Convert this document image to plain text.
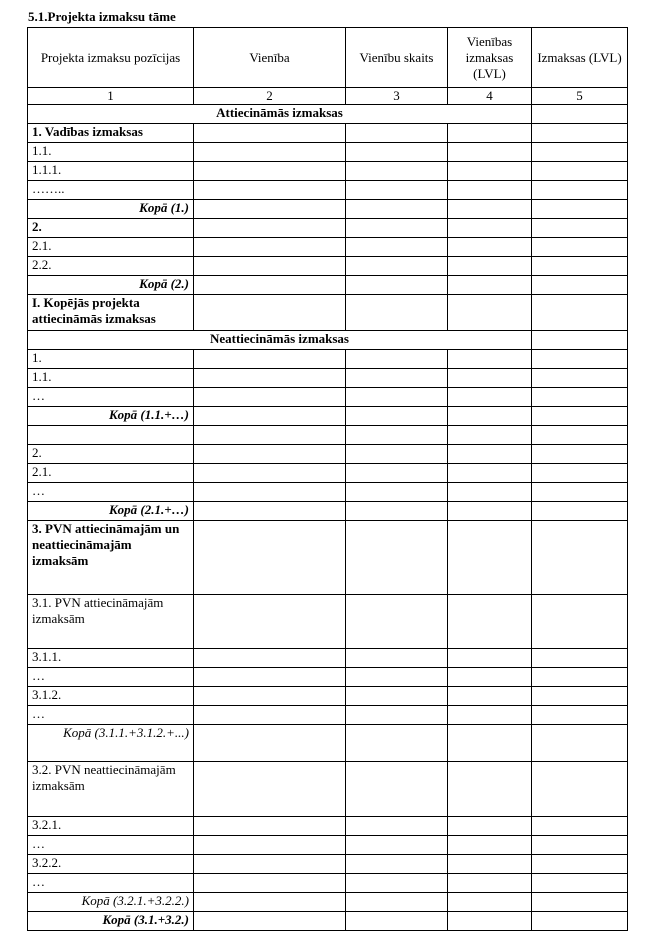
5.1.Projekta izmaksu tāme
Projekta izmaksu pozīcijas	Vienība	Vienību skaits	Vienības izmaksas (LVL)	Izmaksas (LVL)
1	2	3	4	5
Attiecināmās izmaksas				
1. Vadības izmaksas				
1.1.				
1.1.1.				
……..				
Kopā (1.)				
2.				
2.1.				
2.2.				
Kopā (2.)				
I. Kopējās projekta attiecināmās izmaksas				
Neattiecināmās izmaksas				
1.				
1.1.				
…				
Kopā (1.1.+…)				

2.				
2.1.				
…				
Kopā (2.1.+…)				
3. PVN attiecināmajām un neattiecināmajām izmaksām				
3.1. PVN attiecināmajām izmaksām				
3.1.1.				
…				
3.1.2.				
…				
Kopā (3.1.1.+3.1.2.+...)				
3.2. PVN neattiecināmajām izmaksām				
3.2.1.				
…				
3.2.2.				
…				
Kopā (3.2.1.+3.2.2.)				
Kopā (3.1.+3.2.)				
